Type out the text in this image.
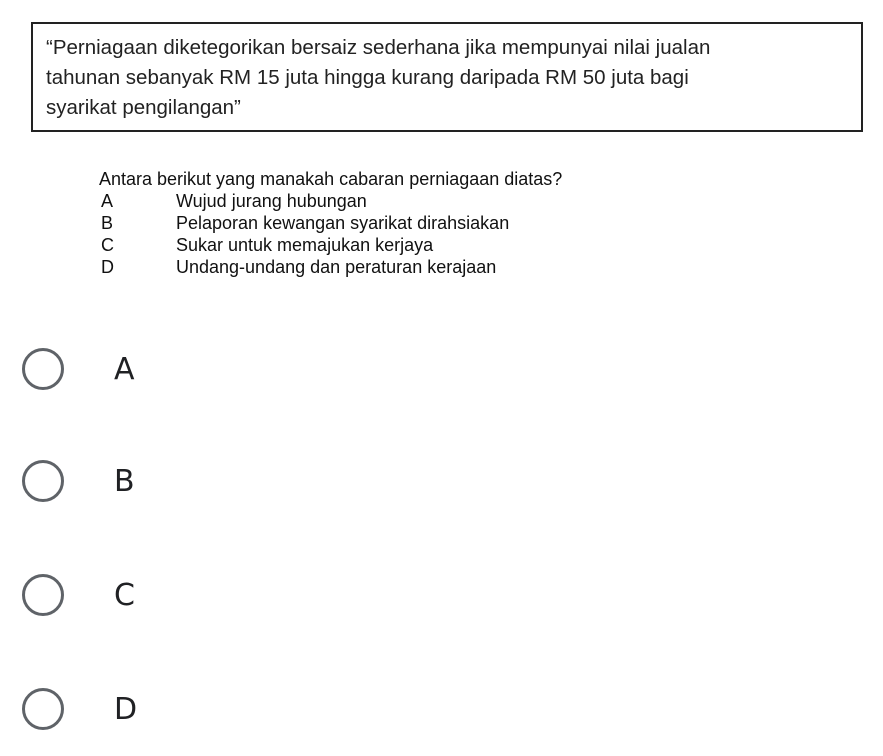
“Perniagaan diketegorikan bersaiz sederhana jika mempunyai nilai jualan
tahunan sebanyak RM 15 juta hingga kurang daripada RM 50 juta bagi
syarikat pengilangan”

Antara berikut yang manakah cabaran perniagaan diatas?

A	Wujud jurang hubungan
B	Pelaporan kewangan syarikat dirahsiakan
C	Sukar untuk memajukan kerjaya
D	Undang-undang dan peraturan kerajaan
A
B
C
D
